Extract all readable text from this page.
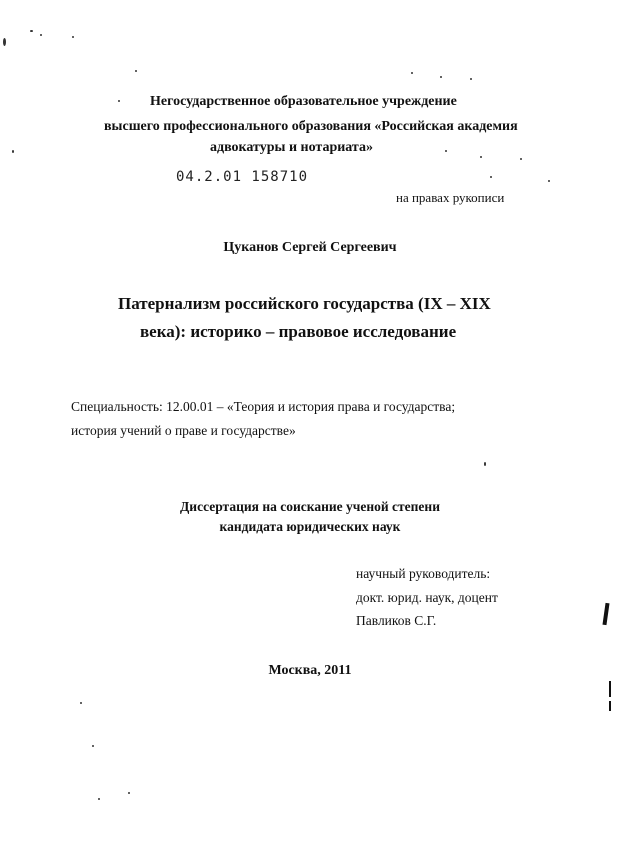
Негосударственное образовательное учреждение
высшего профессионального образования «Российская академия
адвокатуры и нотариата»
04.2.01 158710
на правах рукописи
Цуканов Сергей Сергеевич
Патернализм российского государства (IX – XIX
века): историко – правовое исследование
Специальность: 12.00.01 – «Теория и история права и государства;
история учений о праве и государстве»
Диссертация на соискание ученой степени
кандидата юридических наук
научный руководитель:
докт. юрид. наук, доцент
Павликов С.Г.
Москва, 2011
